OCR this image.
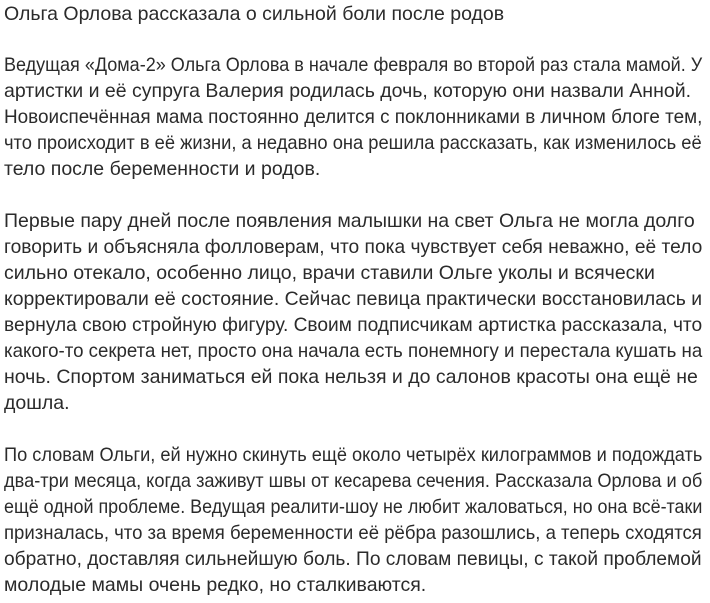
Ольга Орлова рассказала о сильной боли после родов

Ведущая «Дома-2» Ольга Орлова в начале февраля во второй раз стала мамой. У

артистки и её супруга Валерия родилась дочь, которую они назвали Анной.

Новоиспечённая мама постоянно делится с поклонниками в личном блоге тем,

что происходит в её жизни, а недавно она решила рассказать, как изменилось её

тело после беременности и родов.

Первые пару дней после появления малышки на свет Ольга не могла долго

говорить и объясняла фолловерам, что пока чувствует себя неважно, её тело

сильно отекало, особенно лицо, врачи ставили Ольге уколы и всячески

корректировали её состояние. Сейчас певица практически восстановилась и

вернула свою стройную фигуру. Своим подписчикам артистка рассказала, что

какого-то секрета нет, просто она начала есть понемногу и перестала кушать на

ночь. Спортом заниматься ей пока нельзя и до салонов красоты она ещё не

дошла.

По словам Ольги, ей нужно скинуть ещё около четырёх килограммов и подождать

два-три месяца, когда заживут швы от кесарева сечения. Рассказала Орлова и об

ещё одной проблеме. Ведущая реалити-шоу не любит жаловаться, но она всё-таки

призналась, что за время беременности её рёбра разошлись, а теперь сходятся

обратно, доставляя сильнейшую боль. По словам певицы, с такой проблемой

молодые мамы очень редко, но сталкиваются.
